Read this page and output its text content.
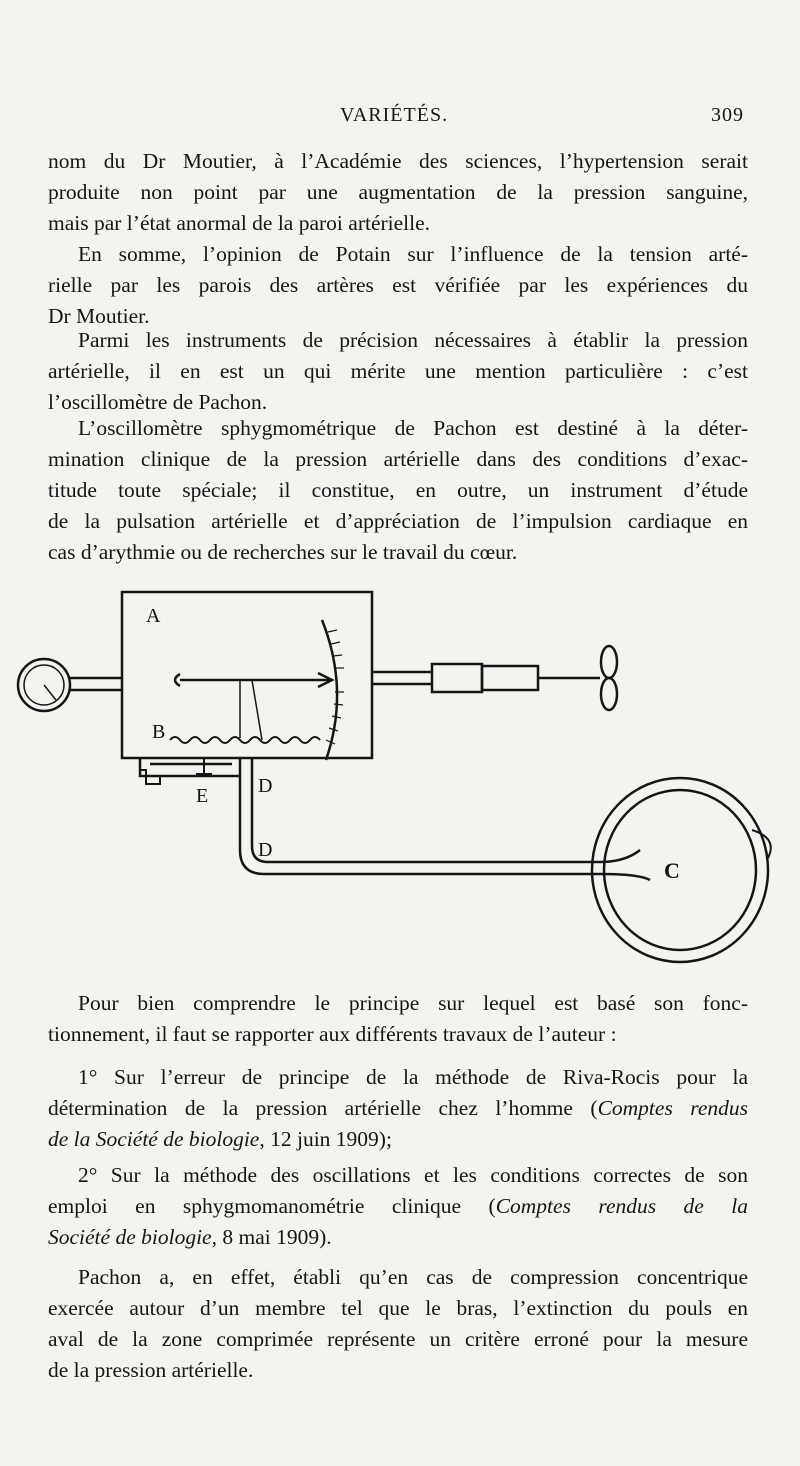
VARIÉTÉS.	309
nom du Dr Moutier, à l’Académie des sciences, l’hypertension serait
produite non point par une augmentation de la pression sanguine,
mais par l’état anormal de la paroi artérielle.
En somme, l’opinion de Potain sur l’influence de la tension arté-
rielle par les parois des artères est vérifiée par les expériences du
Dr Moutier.
Parmi les instruments de précision nécessaires à établir la pression
artérielle, il en est un qui mérite une mention particulière : c’est
l’oscillomètre de Pachon.
L’oscillomètre sphygmométrique de Pachon est destiné à la déter-
mination clinique de la pression artérielle dans des conditions d’exac-
titude toute spéciale; il constitue, en outre, un instrument d’étude
de la pulsation artérielle et d’appréciation de l’impulsion cardiaque en
cas d’arythmie ou de recherches sur le travail du cœur.
A
B
D
D
E
C
Pour bien comprendre le principe sur lequel est basé son fonc-
tionnement, il faut se rapporter aux différents travaux de l’auteur :
1° Sur l’erreur de principe de la méthode de Riva-Rocis pour la
détermination de la pression artérielle chez l’homme (Comptes rendus
de la Société de biologie, 12 juin 1909);
2° Sur la méthode des oscillations et les conditions correctes de son
emploi en sphygmomanométrie clinique (Comptes rendus de la
Société de biologie, 8 mai 1909).
Pachon a, en effet, établi qu’en cas de compression concentrique
exercée autour d’un membre tel que le bras, l’extinction du pouls en
aval de la zone comprimée représente un critère erroné pour la mesure
de la pression artérielle.
